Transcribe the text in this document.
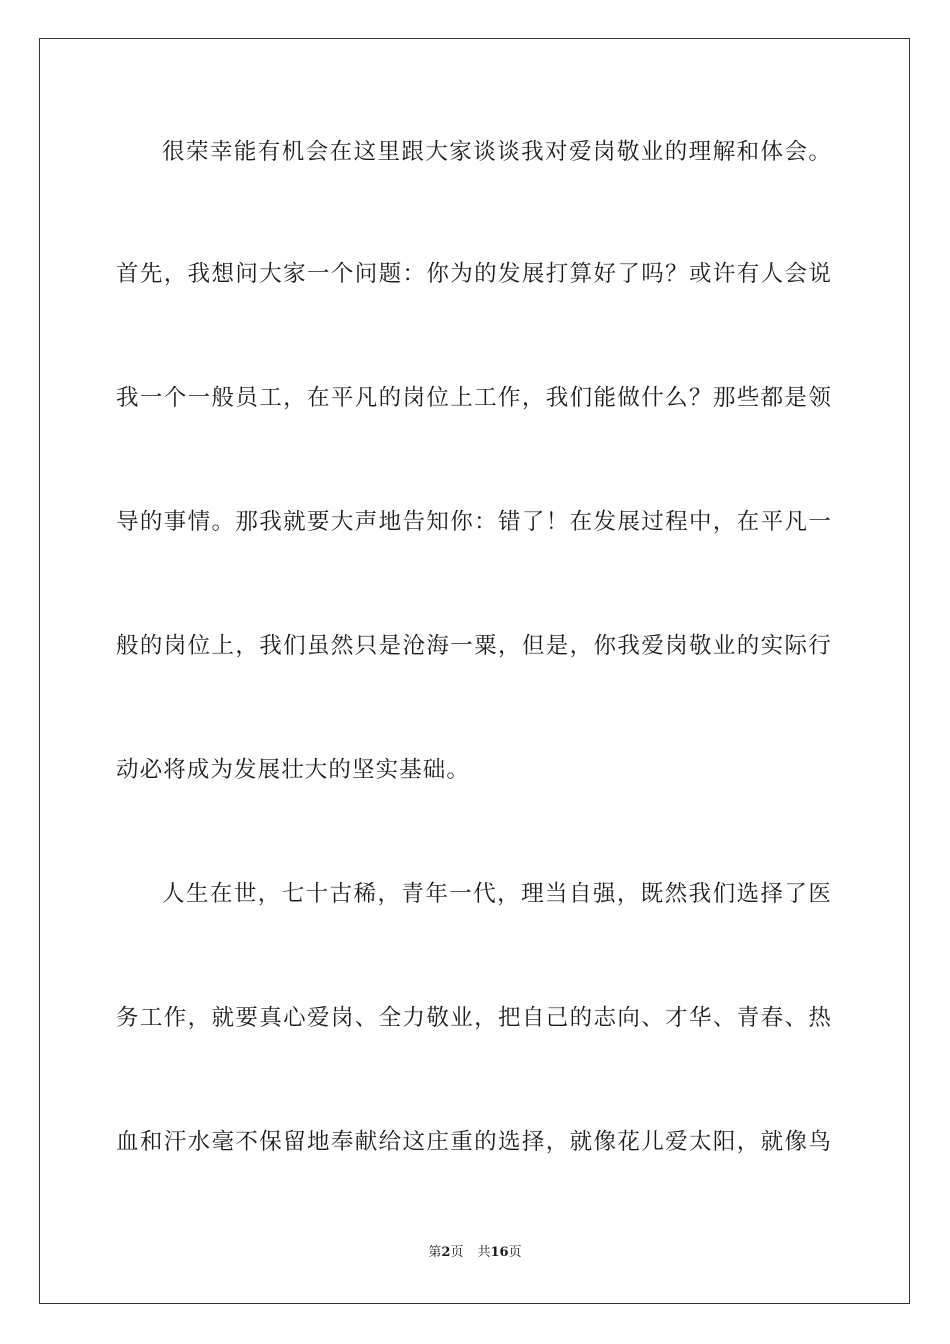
很荣幸能有机会在这里跟大家谈谈我对爱岗敬业的理解和体会。
首先，我想问大家一个问题：你为的发展打算好了吗？或许有人会说
我一个一般员工，在平凡的岗位上工作，我们能做什么？那些都是领
导的事情。那我就要大声地告知你：错了！在发展过程中，在平凡一
般的岗位上，我们虽然只是沧海一粟，但是，你我爱岗敬业的实际行
动必将成为发展壮大的坚实基础。
人生在世，七十古稀，青年一代，理当自强，既然我们选择了医
务工作，就要真心爱岗、全力敬业，把自己的志向、才华、青春、热
血和汗水毫不保留地奉献给这庄重的选择，就像花儿爱太阳，就像鸟
第2页 共16页
